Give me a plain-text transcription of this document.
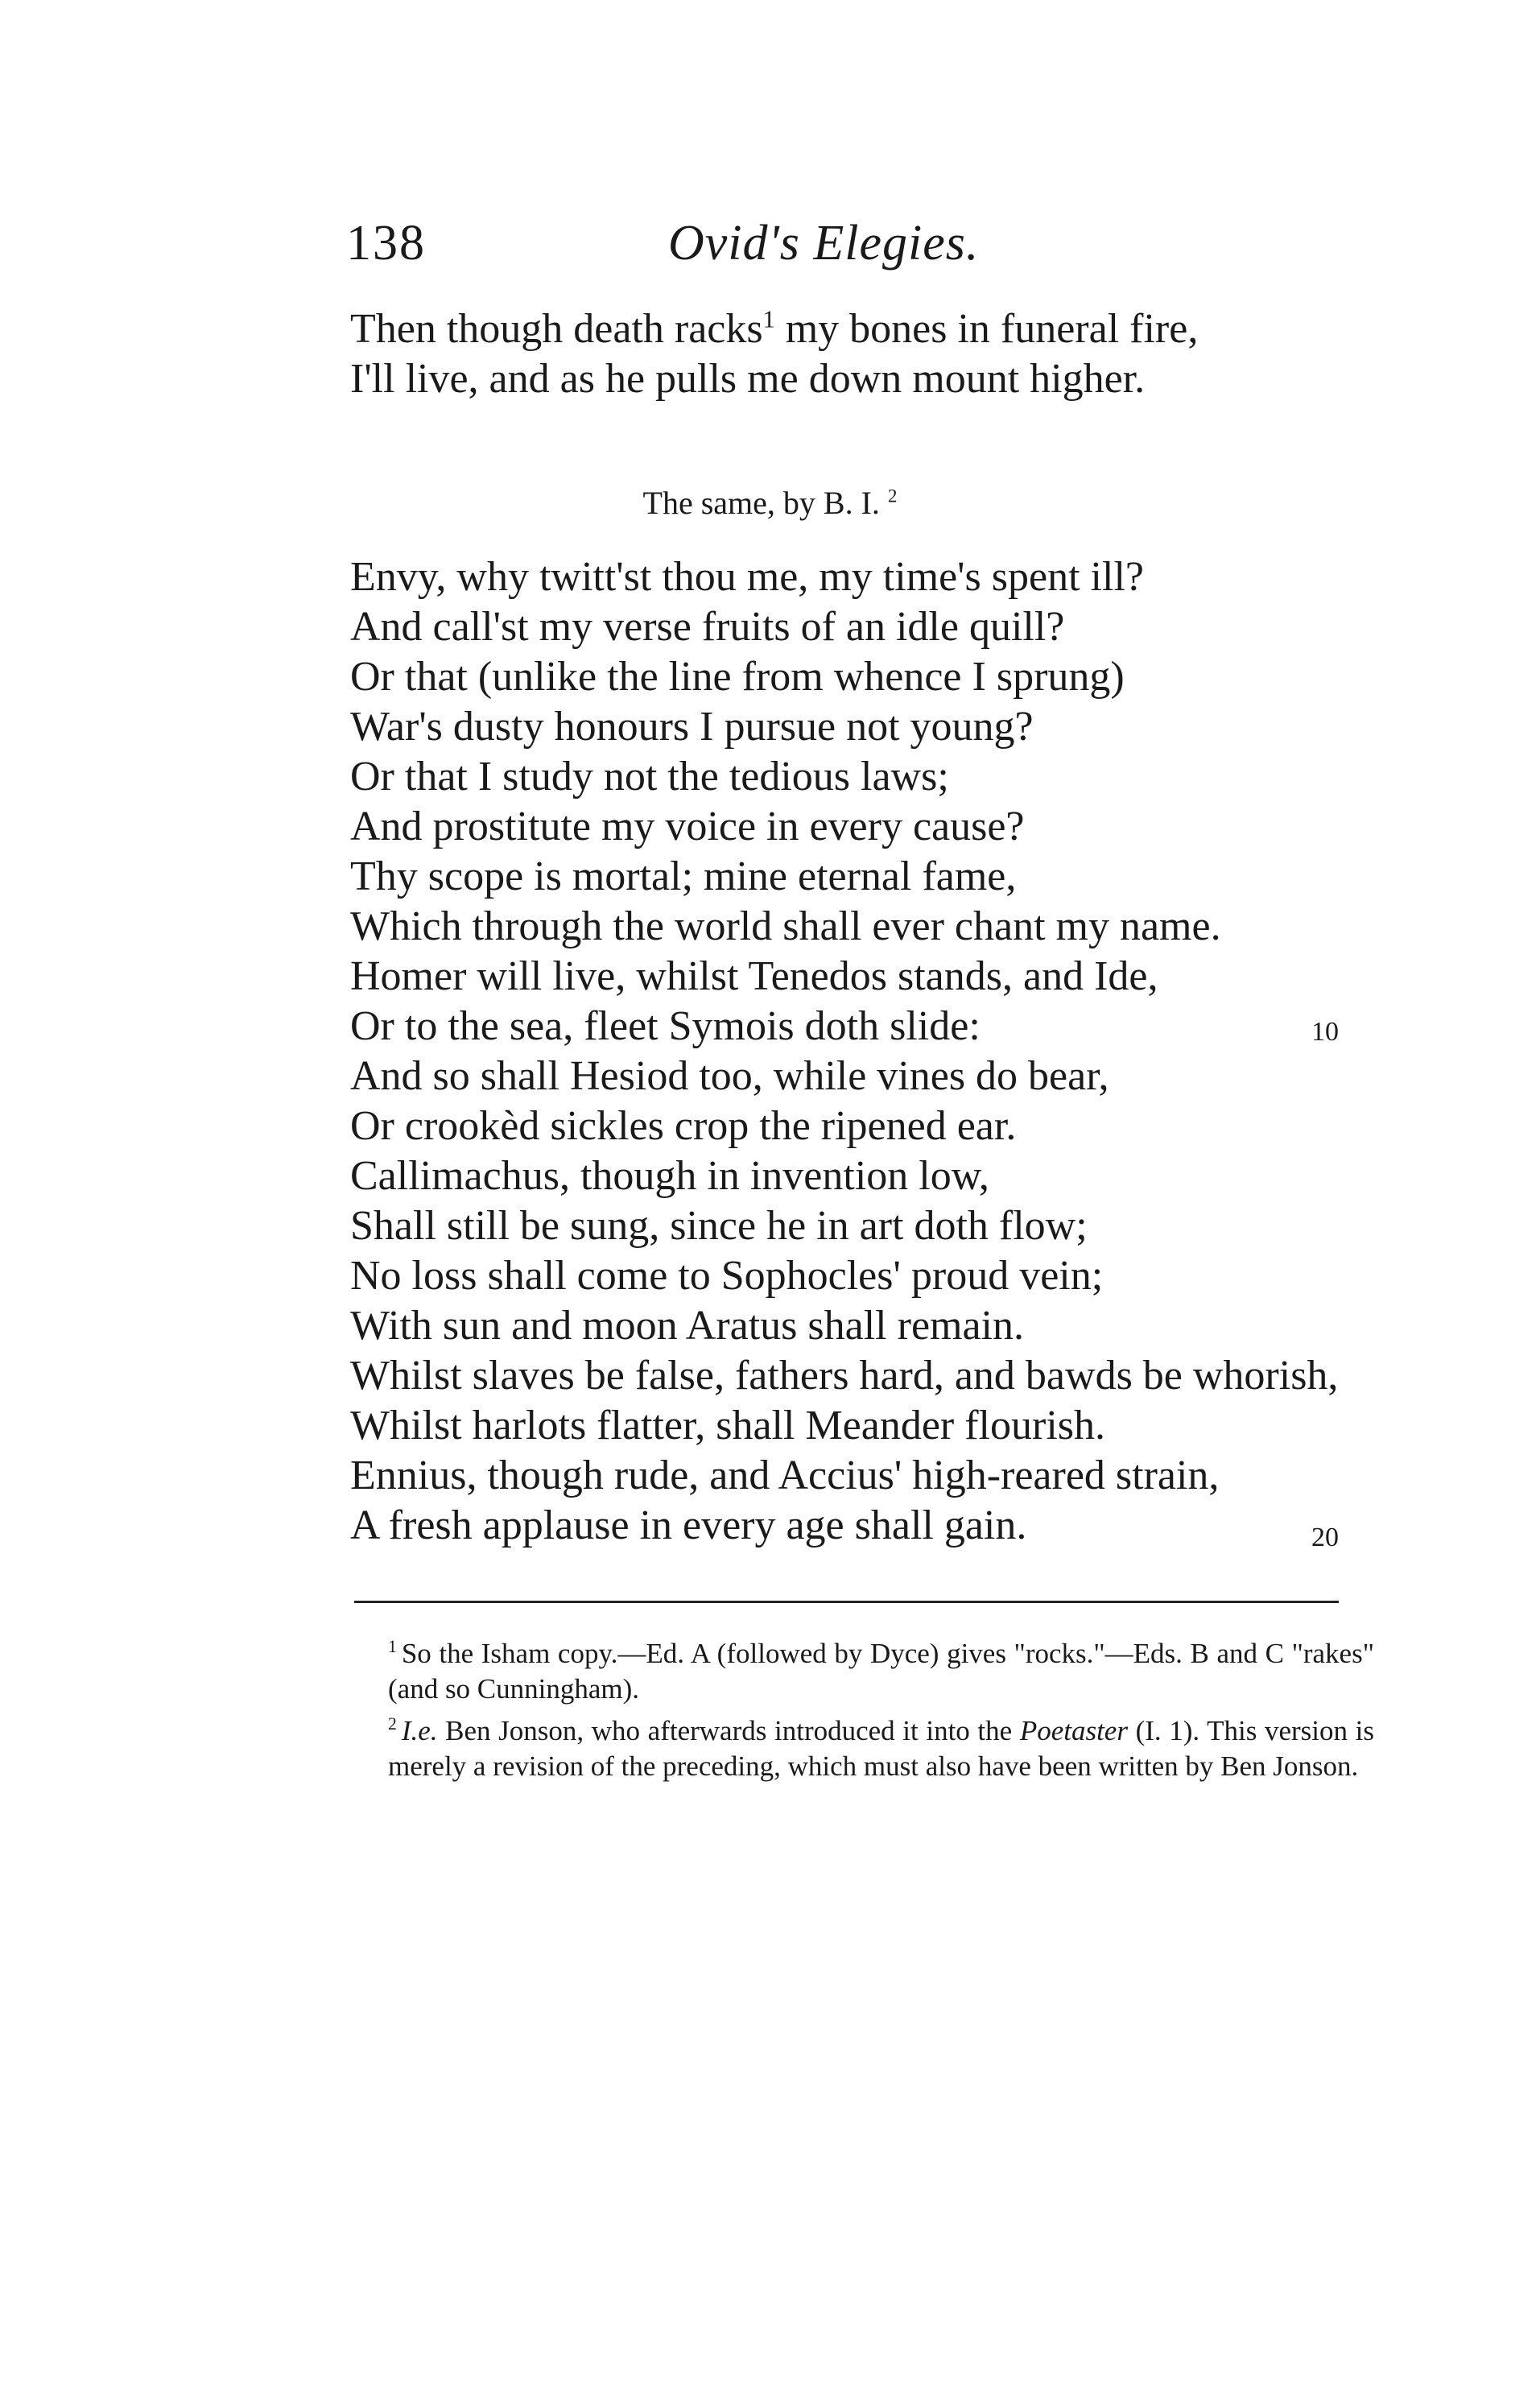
138	Ovid's Elegies.
Then though death racks$^1$ my bones in funeral fire,
I'll live, and as he pulls me down mount higher.
The same, by B. I. $^2$
Envy, why twitt'st thou me, my time's spent ill?
And call'st my verse fruits of an idle quill?
Or that (unlike the line from whence I sprung)
War's dusty honours I pursue not young?
Or that I study not the tedious laws;
And prostitute my voice in every cause?
Thy scope is mortal; mine eternal fame,
Which through the world shall ever chant my name.
Homer will live, whilst Tenedos stands, and Ide,
Or to the sea, fleet Symois doth slide:	10
And so shall Hesiod too, while vines do bear,
Or crookèd sickles crop the ripened ear.
Callimachus, though in invention low,
Shall still be sung, since he in art doth flow;
No loss shall come to Sophocles' proud vein;
With sun and moon Aratus shall remain.
Whilst slaves be false, fathers hard, and bawds be whorish,
Whilst harlots flatter, shall Meander flourish.
Ennius, though rude, and Accius' high-reared strain,
A fresh applause in every age shall gain.	20
$^1$ So the Isham copy.—Ed. A (followed by Dyce) gives "rocks."—Eds. B and C "rakes" (and so Cunningham).
$^2$ I.e. Ben Jonson, who afterwards introduced it into the Poetaster (I. 1). This version is merely a revision of the preceding, which must also have been written by Ben Jonson.
